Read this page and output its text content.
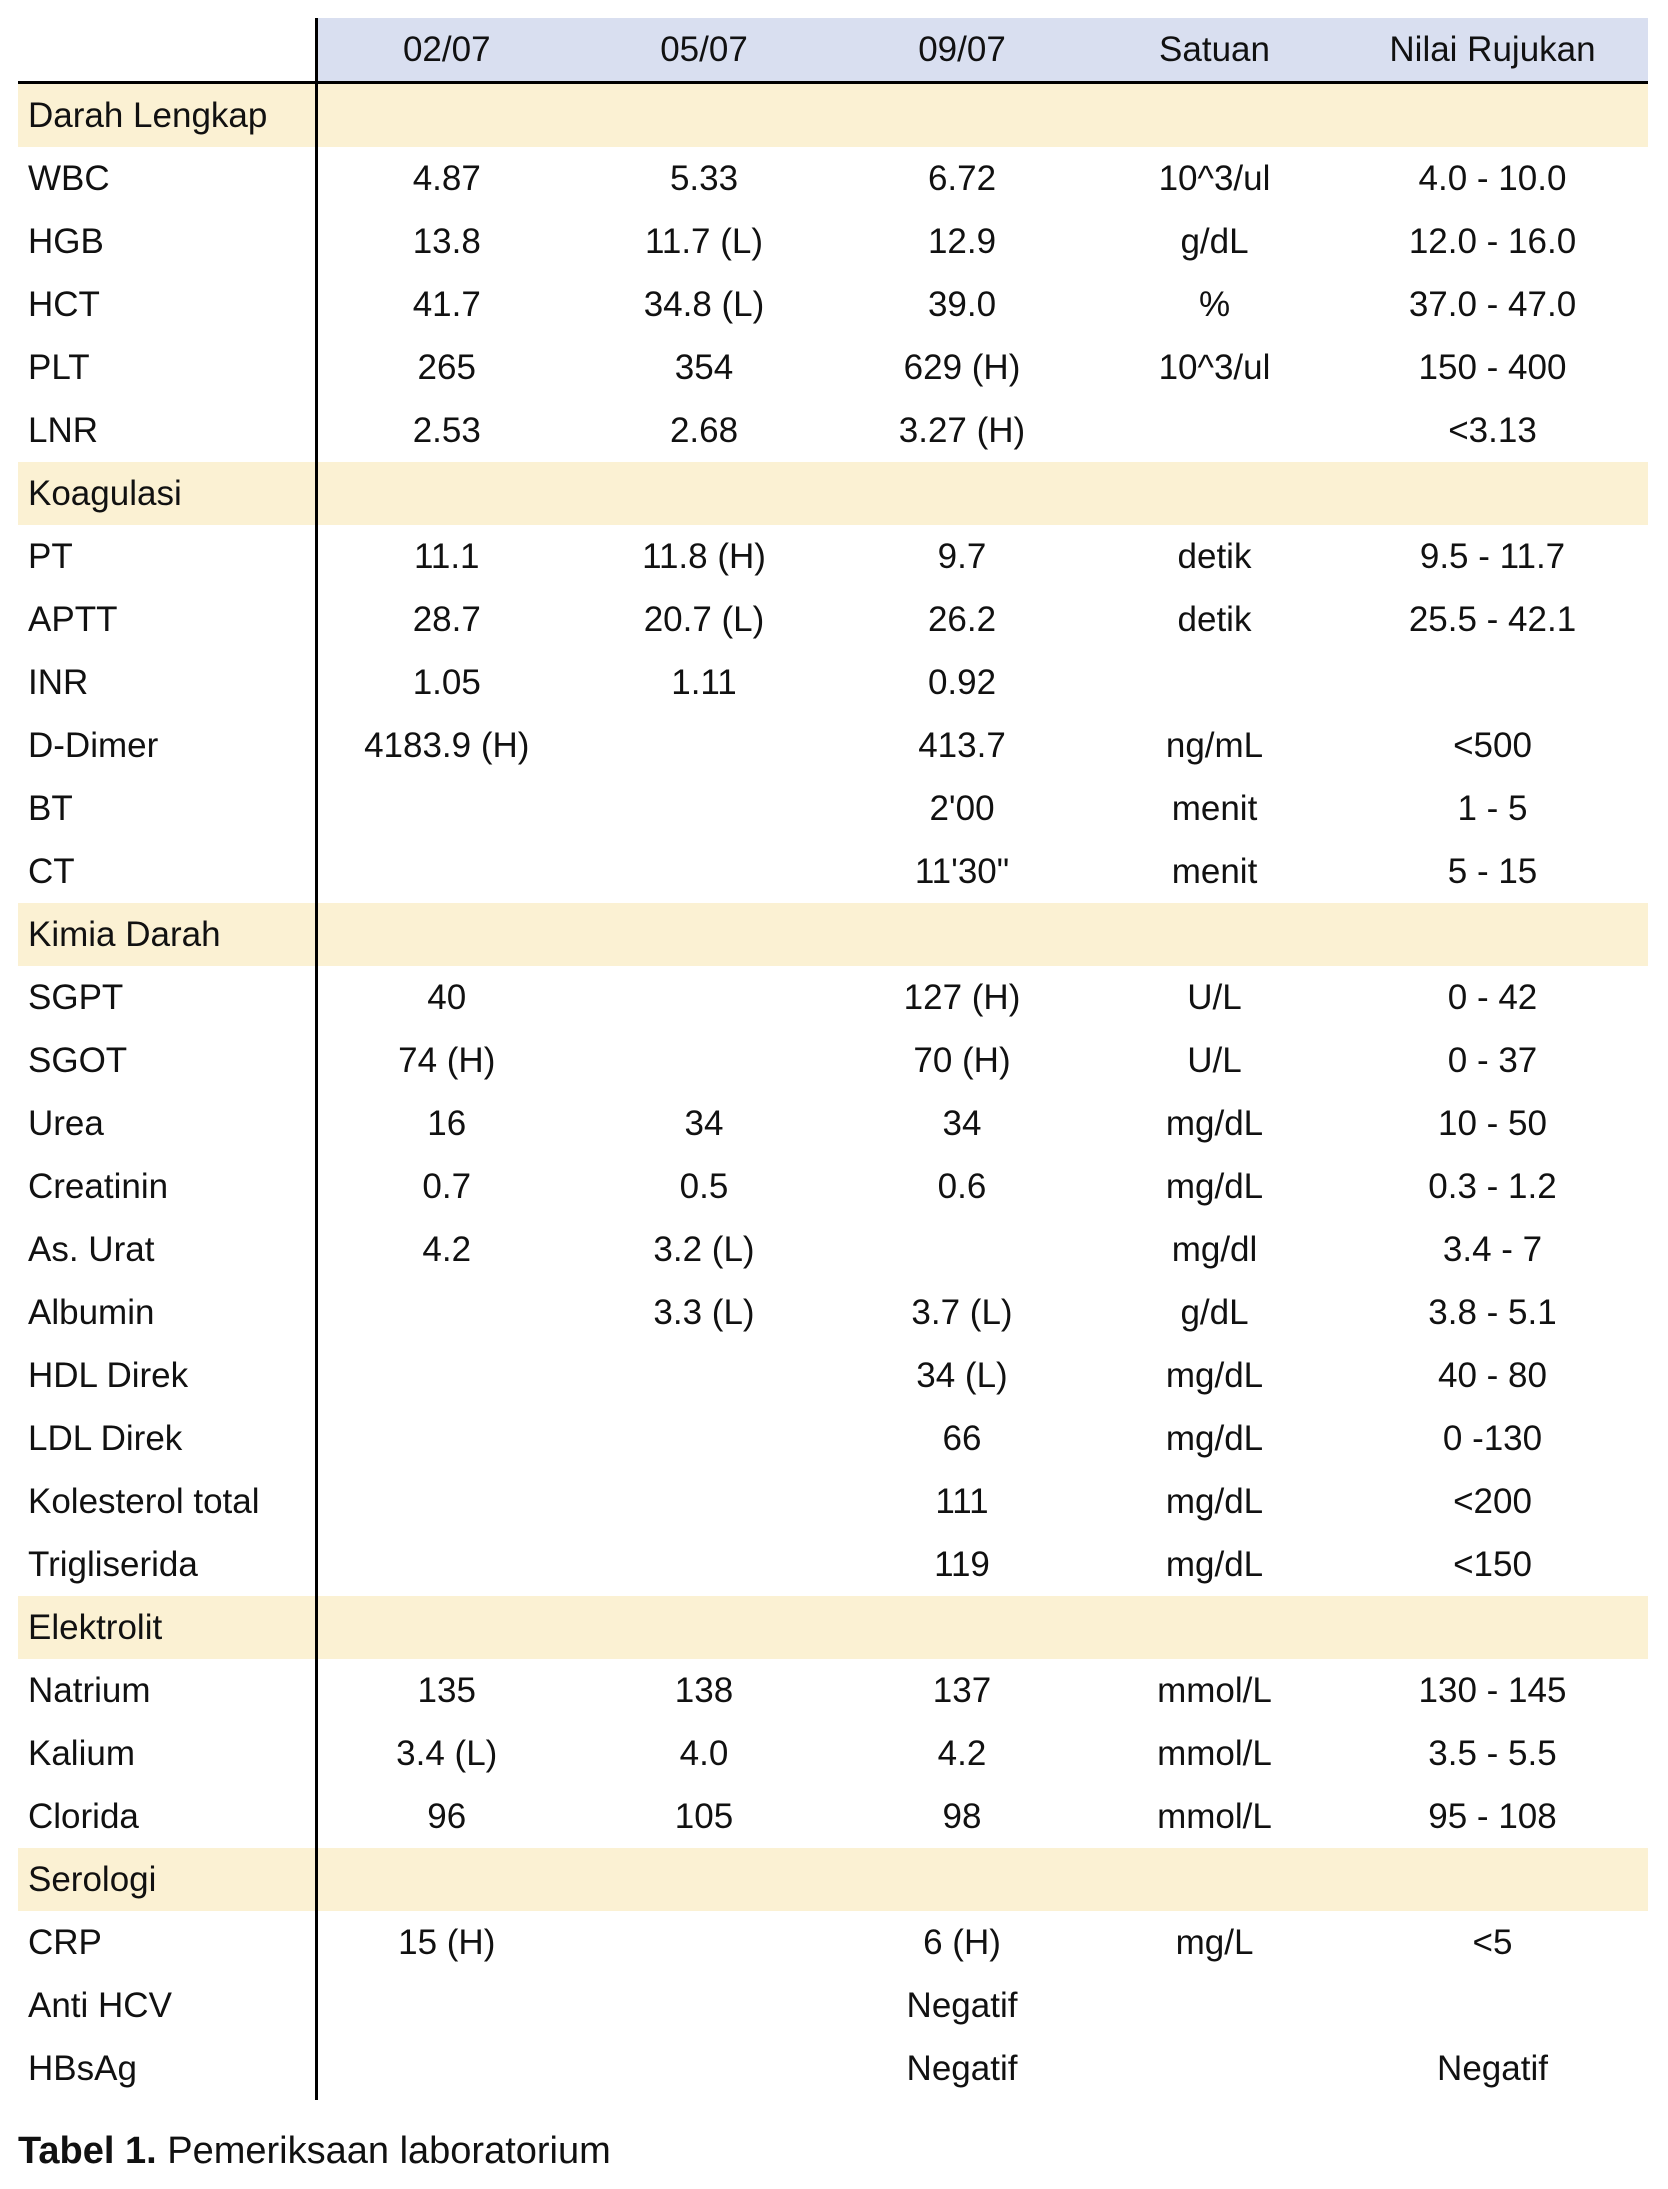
	02/07	05/07	09/07	Satuan	Nilai Rujukan
Darah Lengkap					
WBC	4.87	5.33	6.72	10^3/ul	4.0 - 10.0
HGB	13.8	11.7 (L)	12.9	g/dL	12.0 - 16.0
HCT	41.7	34.8 (L)	39.0	%	37.0 - 47.0
PLT	265	354	629 (H)	10^3/ul	150 - 400
LNR	2.53	2.68	3.27 (H)		<3.13
Koagulasi					
PT	11.1	11.8 (H)	9.7	detik	9.5 - 11.7
APTT	28.7	20.7 (L)	26.2	detik	25.5 - 42.1
INR	1.05	1.11	0.92		
D-Dimer	4183.9 (H)		413.7	ng/mL	<500
BT			2'00	menit	1 - 5
CT			11'30"	menit	5 - 15
Kimia Darah					
SGPT	40		127 (H)	U/L	0 - 42
SGOT	74 (H)		70 (H)	U/L	0 - 37
Urea	16	34	34	mg/dL	10 - 50
Creatinin	0.7	0.5	0.6	mg/dL	0.3 - 1.2
As. Urat	4.2	3.2 (L)		mg/dl	3.4 - 7
Albumin		3.3 (L)	3.7 (L)	g/dL	3.8 - 5.1
HDL Direk			34 (L)	mg/dL	40 - 80
LDL Direk			66	mg/dL	0 -130
Kolesterol total			111	mg/dL	<200
Trigliserida			119	mg/dL	<150
Elektrolit					
Natrium	135	138	137	mmol/L	130 - 145
Kalium	3.4 (L)	4.0	4.2	mmol/L	3.5 - 5.5
Clorida	96	105	98	mmol/L	95 - 108
Serologi					
CRP	15 (H)		6 (H)	mg/L	<5
Anti HCV			Negatif		
HBsAg			Negatif		Negatif
Tabel 1. Pemeriksaan laboratorium
